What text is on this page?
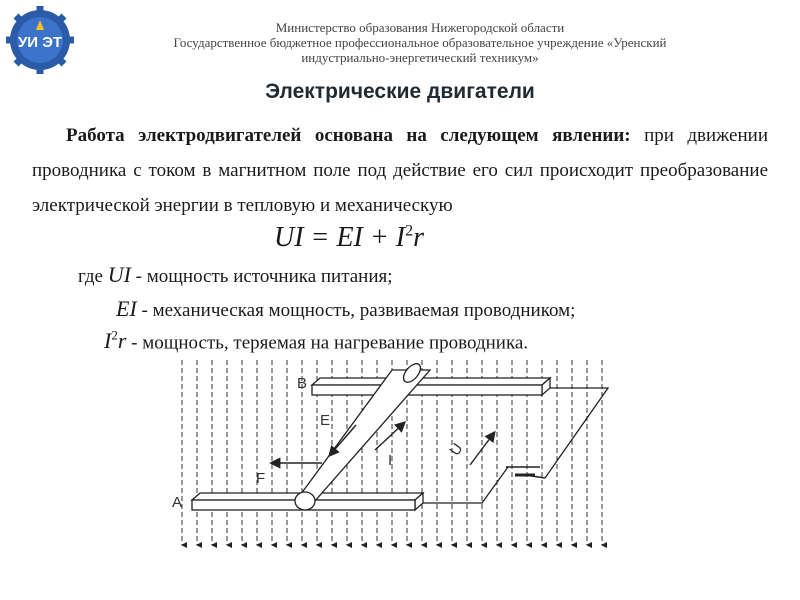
УИ ЭТ
Министерство образования Нижегородской области
Государственное бюджетное профессиональное образовательное учреждение «Уренский
индустриально-энергетический техникум»
Электрические двигатели
Работа электродвигателей основана на следующем явлении: при движении проводника с током в магнитном поле под действие его сил происходит преобразование электрической энергии в тепловую и механическую
UI = EI + $I^2r$
где UI - мощность источника питания;
EI - механическая мощность, развиваемая проводником;
$I^2r$ - мощность, теряемая на нагревание проводника.
A
B
E
F
I
U
